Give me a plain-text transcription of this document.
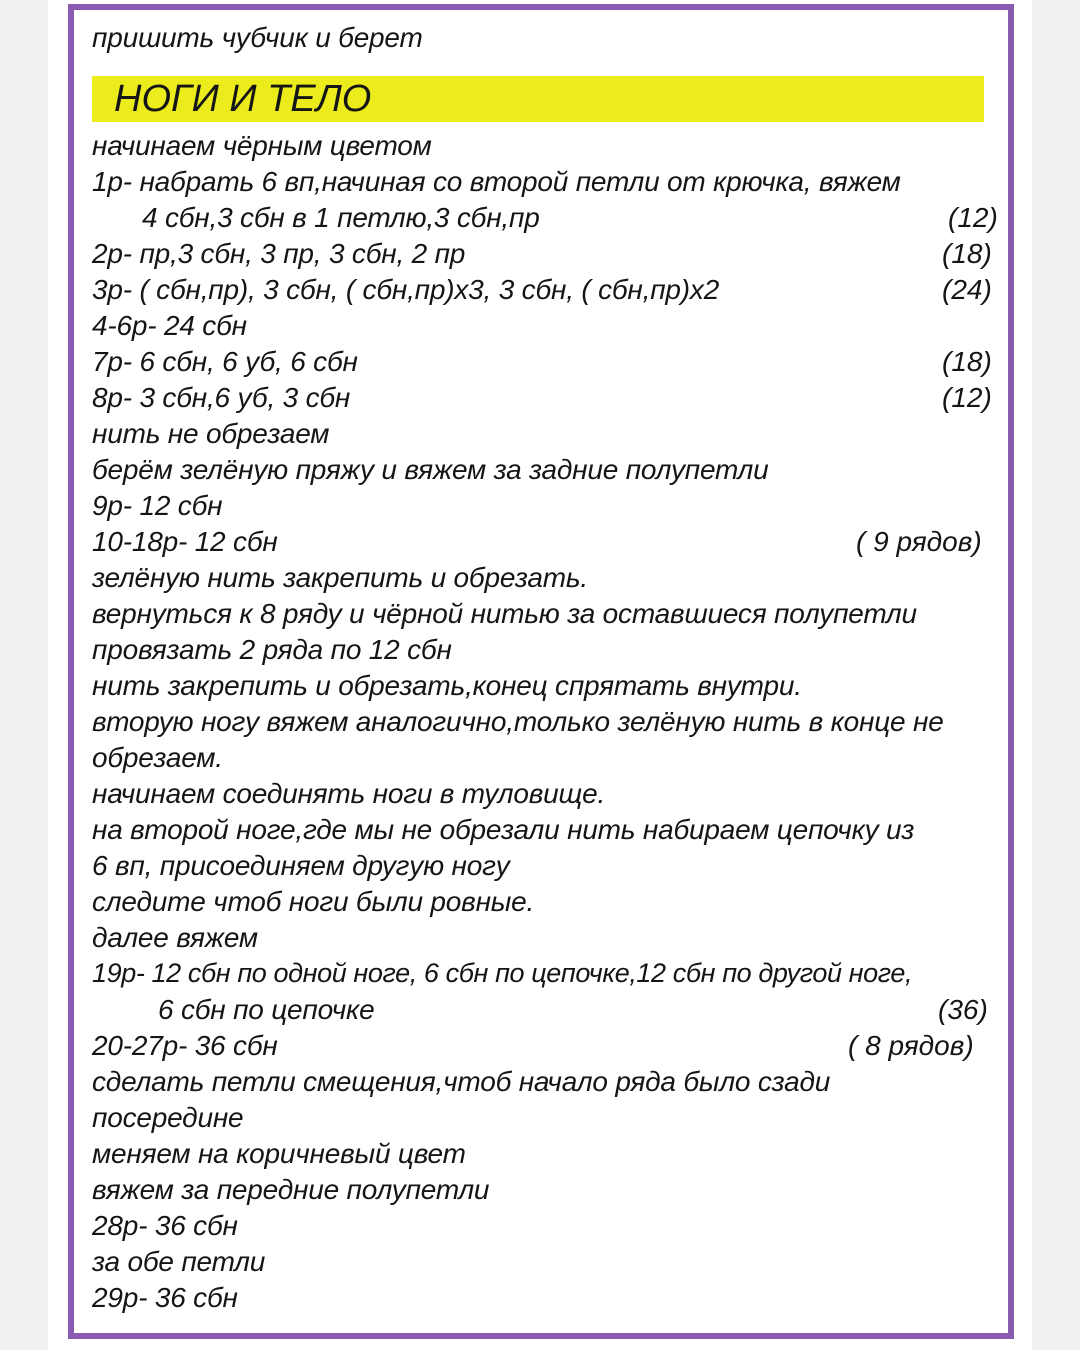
пришить чубчик и берет
НОГИ И ТЕЛО
начинаем чёрным цветом
1р- набрать 6 вп,начиная со второй петли от крючка, вяжем
4 сбн,3 сбн в 1 петлю,3 сбн,пр	(12)
2р- пр,3 сбн, 3 пр, 3 сбн, 2 пр	(18)
3р- ( сбн,пр), 3 сбн, ( сбн,пр)х3, 3 сбн, ( сбн,пр)х2	(24)
4-6р- 24 сбн
7р- 6 сбн, 6 уб, 6 сбн	(18)
8р- 3 сбн,6 уб, 3 сбн	(12)
нить не обрезаем
берём зелёную пряжу и вяжем за задние полупетли
9р- 12 сбн
10-18р- 12 сбн	( 9 рядов)
зелёную нить закрепить и обрезать.
вернуться к 8 ряду и чёрной нитью за оставшиеся полупетли
провязать 2 ряда по 12 сбн
нить закрепить и обрезать,конец спрятать внутри.
вторую ногу вяжем аналогично,только зелёную нить в конце не
обрезаем.
начинаем соединять ноги в туловище.
на второй ноге,где мы не обрезали нить набираем цепочку из
6 вп, присоединяем другую ногу
следите чтоб ноги были ровные.
далее вяжем
19р- 12 сбн по одной ноге, 6 сбн по цепочке,12 сбн по другой ноге,
6 сбн по цепочке	(36)
20-27р- 36 сбн	( 8 рядов)
сделать петли смещения,чтоб начало ряда было сзади
посередине
меняем на коричневый цвет
вяжем за передние полупетли
28р- 36 сбн
за обе петли
29р- 36 сбн
